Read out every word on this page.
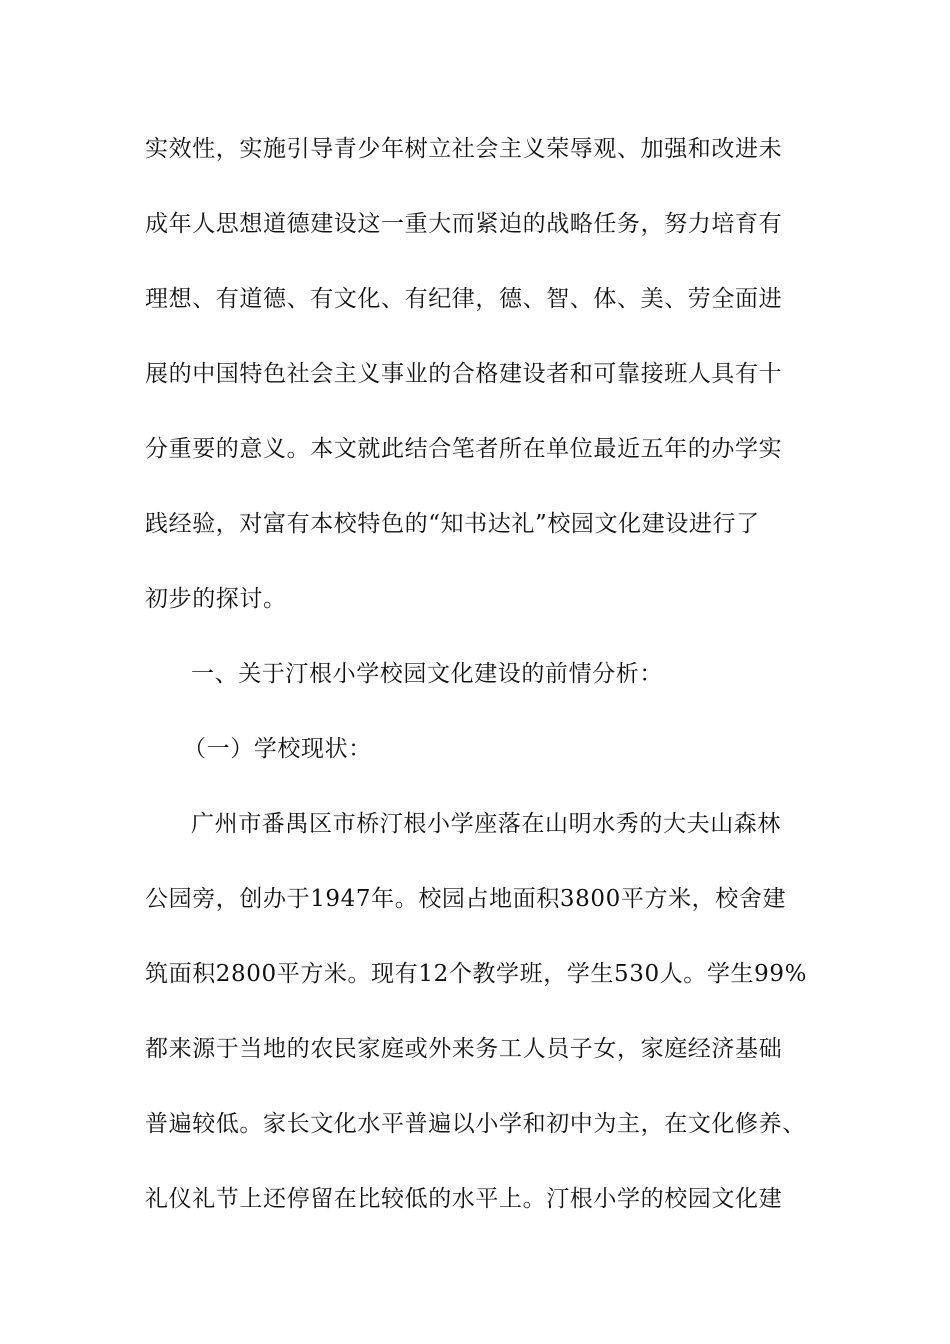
实效性，实施引导青少年树立社会主义荣辱观、加强和改进未
成年人思想道德建设这一重大而紧迫的战略任务，努力培育有
理想、有道德、有文化、有纪律，德、智、体、美、劳全面进
展的中国特色社会主义事业的合格建设者和可靠接班人具有十
分重要的意义。本文就此结合笔者所在单位最近五年的办学实
践经验，对富有本校特色的“知书达礼”校园文化建设进行了
初步的探讨。
一、关于汀根小学校园文化建设的前情分析：
（一）学校现状：
广州市番禺区市桥汀根小学座落在山明水秀的大夫山森林
公园旁，创办于1947年。校园占地面积3800平方米，校舍建
筑面积2800平方米。现有12个教学班，学生530人。学生99%
都来源于当地的农民家庭或外来务工人员子女，家庭经济基础
普遍较低。家长文化水平普遍以小学和初中为主，在文化修养、
礼仪礼节上还停留在比较低的水平上。汀根小学的校园文化建
